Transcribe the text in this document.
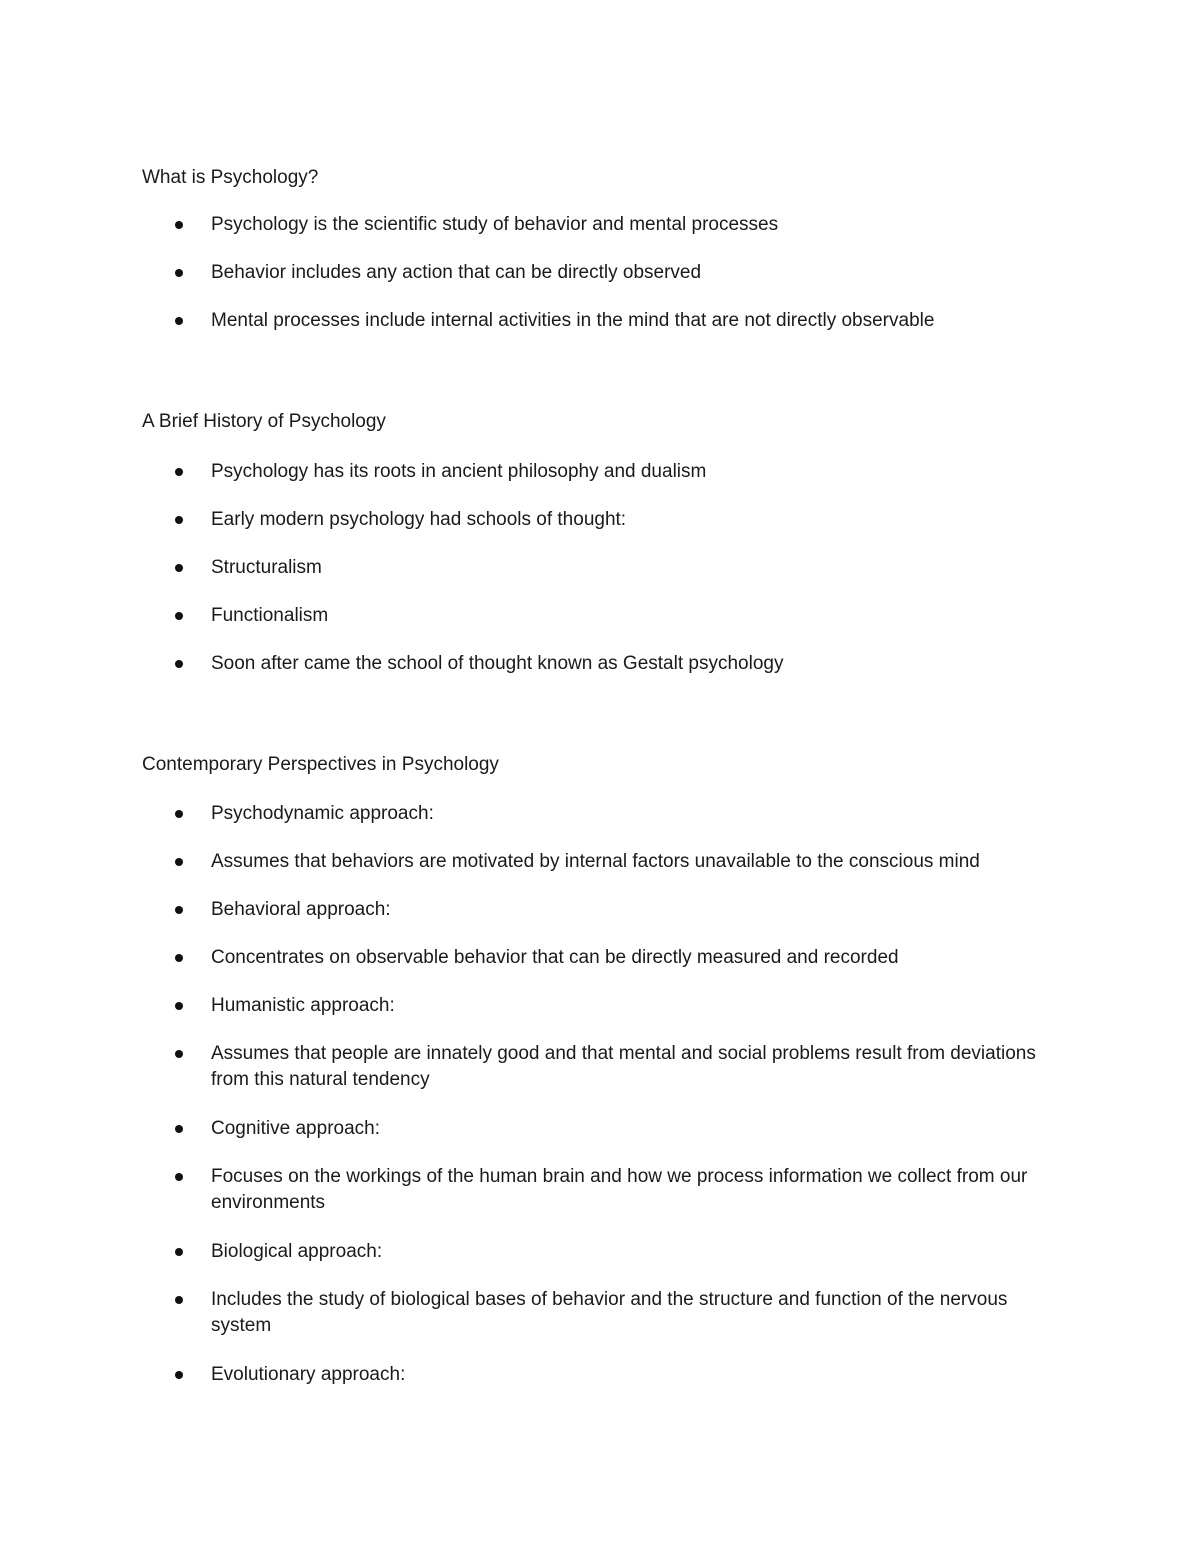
What is Psychology?
Psychology is the scientific study of behavior and mental processes
Behavior includes any action that can be directly observed
Mental processes include internal activities in the mind that are not directly observable
A Brief History of Psychology
Psychology has its roots in ancient philosophy and dualism
Early modern psychology had schools of thought:
Structuralism
Functionalism
Soon after came the school of thought known as Gestalt psychology
Contemporary Perspectives in Psychology
Psychodynamic approach:
Assumes that behaviors are motivated by internal factors unavailable to the conscious mind
Behavioral approach:
Concentrates on observable behavior that can be directly measured and recorded
Humanistic approach:
Assumes that people are innately good and that mental and social problems result from deviations from this natural tendency
Cognitive approach:
Focuses on the workings of the human brain and how we process information we collect from our environments
Biological approach:
Includes the study of biological bases of behavior and the structure and function of the nervous system
Evolutionary approach:
